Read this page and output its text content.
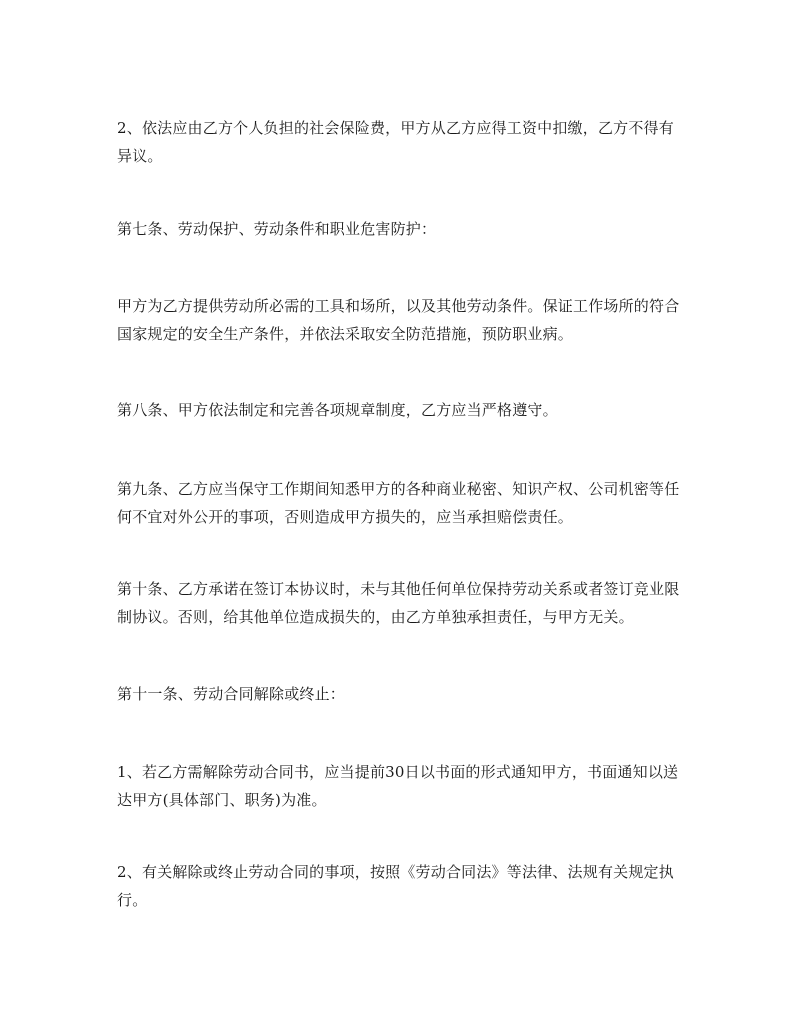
2、依法应由乙方个人负担的社会保险费，甲方从乙方应得工资中扣缴，乙方不得有异议。

第七条、劳动保护、劳动条件和职业危害防护：

甲方为乙方提供劳动所必需的工具和场所，以及其他劳动条件。保证工作场所的符合国家规定的安全生产条件，并依法采取安全防范措施，预防职业病。

第八条、甲方依法制定和完善各项规章制度，乙方应当严格遵守。

第九条、乙方应当保守工作期间知悉甲方的各种商业秘密、知识产权、公司机密等任何不宜对外公开的事项，否则造成甲方损失的，应当承担赔偿责任。

第十条、乙方承诺在签订本协议时，未与其他任何单位保持劳动关系或者签订竞业限制协议。否则，给其他单位造成损失的，由乙方单独承担责任，与甲方无关。

第十一条、劳动合同解除或终止：

1、若乙方需解除劳动合同书，应当提前30日以书面的形式通知甲方，书面通知以送达甲方(具体部门、职务)为准。

2、有关解除或终止劳动合同的事项，按照《劳动合同法》等法律、法规有关规定执行。
